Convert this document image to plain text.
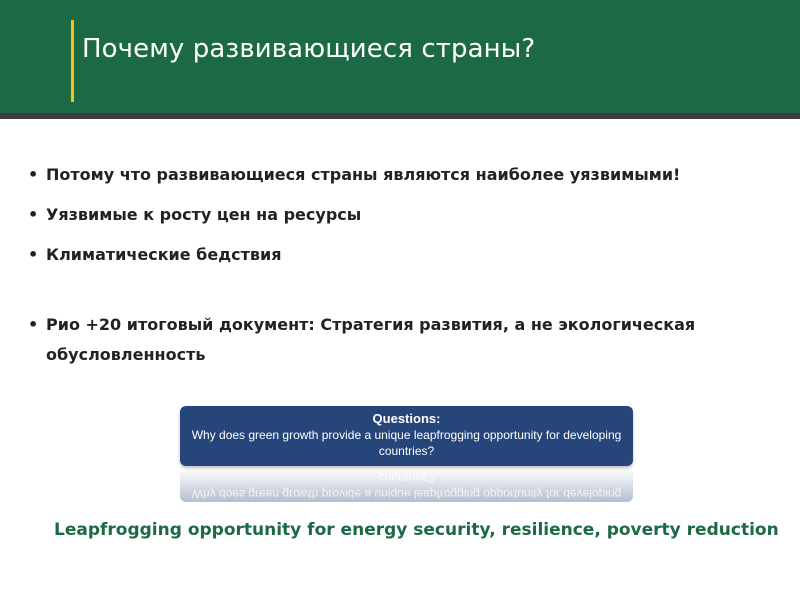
Почему развивающиеся страны?
• Потому что развивающиеся страны являются наиболее уязвимыми!
• Уязвимые к росту цен на ресурсы
• Климатические бедствия
• Рио +20 итоговый документ: Стратегия развития, а не экологическая обусловленность
Questions:
Why does green growth provide a unique leapfrogging opportunity for developing countries?
Why does green growth provide a unique leapfrogging opportunity for developing countries?
Leapfrogging opportunity for energy security, resilience, poverty reduction
